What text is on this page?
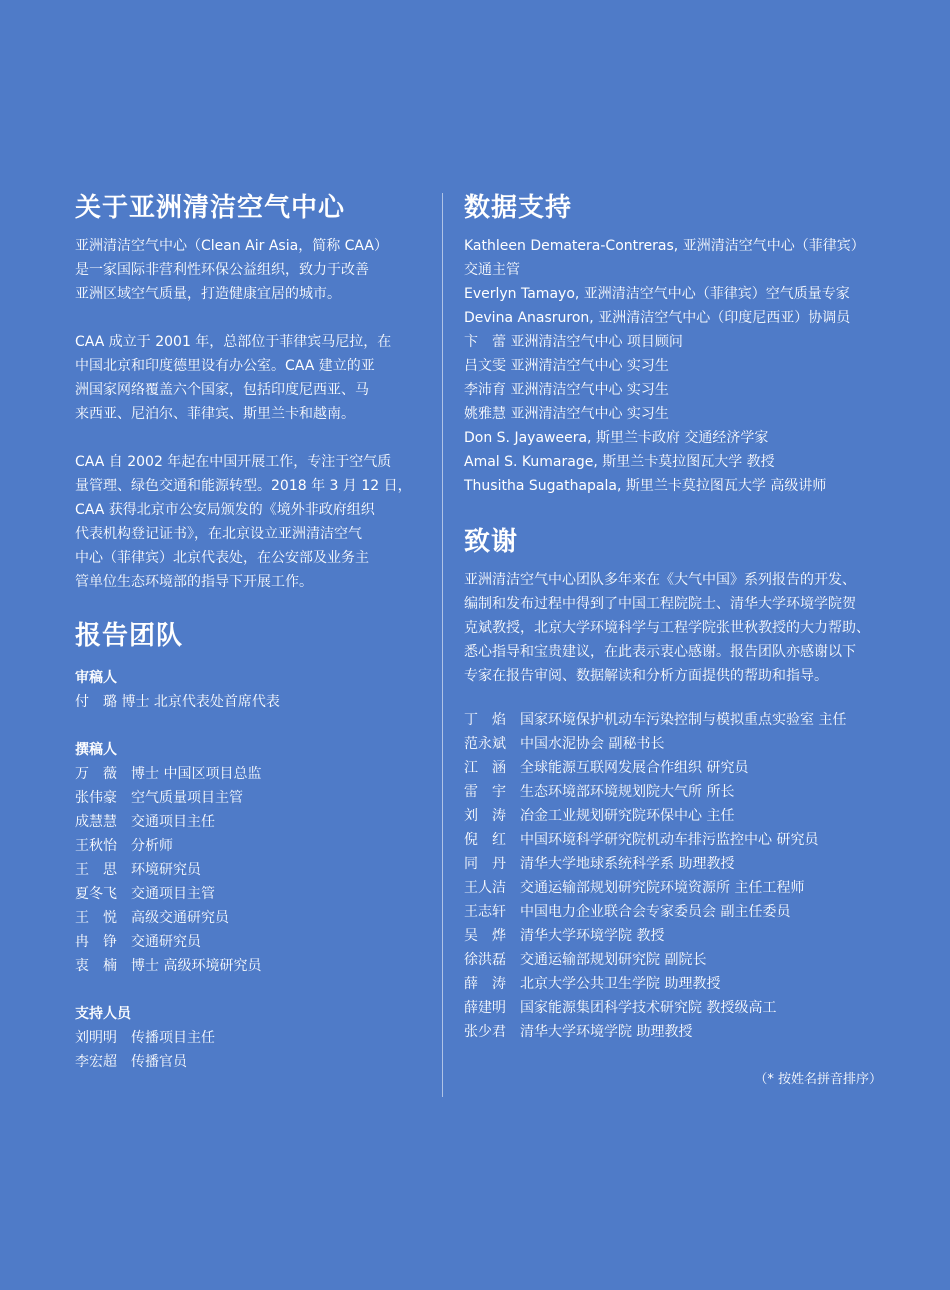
关于亚洲清洁空气中心

亚洲清洁空气中心（Clean Air Asia，简称 CAA）
是一家国际非营利性环保公益组织，致力于改善
亚洲区域空气质量，打造健康宜居的城市。

CAA 成立于 2001 年，总部位于菲律宾马尼拉，在
中国北京和印度德里设有办公室。CAA 建立的亚
洲国家网络覆盖六个国家，包括印度尼西亚、马
来西亚、尼泊尔、菲律宾、斯里兰卡和越南。

CAA 自 2002 年起在中国开展工作，专注于空气质
量管理、绿色交通和能源转型。2018 年 3 月 12 日，
CAA 获得北京市公安局颁发的《境外非政府组织
代表机构登记证书》，在北京设立亚洲清洁空气
中心（菲律宾）北京代表处，在公安部及业务主
管单位生态环境部的指导下开展工作。

报告团队
审稿人
付　璐 博士 北京代表处首席代表
撰稿人
万　薇　博士 中国区项目总监
张伟豪　空气质量项目主管
成慧慧　交通项目主任
王秋怡　分析师
王　思　环境研究员
夏冬飞　交通项目主管
王　悦　高级交通研究员
冉　铮　交通研究员
衷　楠　博士 高级环境研究员
支持人员
刘明明　传播项目主任
李宏超　传播官员
数据支持
Kathleen Dematera-Contreras, 亚洲清洁空气中心（菲律宾）
交通主管
Everlyn Tamayo, 亚洲清洁空气中心（菲律宾）空气质量专家
Devina Anasruron, 亚洲清洁空气中心（印度尼西亚）协调员
卞　蕾 亚洲清洁空气中心 项目顾问
吕文雯 亚洲清洁空气中心 实习生
李沛育 亚洲清洁空气中心 实习生
姚雅慧 亚洲清洁空气中心 实习生
Don S. Jayaweera, 斯里兰卡政府 交通经济学家
Amal S. Kumarage, 斯里兰卡莫拉图瓦大学 教授
Thusitha Sugathapala, 斯里兰卡莫拉图瓦大学 高级讲师
致谢

亚洲清洁空气中心团队多年来在《大气中国》系列报告的开发、
编制和发布过程中得到了中国工程院院士、清华大学环境学院贺
克斌教授，北京大学环境科学与工程学院张世秋教授的大力帮助、
悉心指导和宝贵建议，在此表示衷心感谢。报告团队亦感谢以下
专家在报告审阅、数据解读和分析方面提供的帮助和指导。

丁　焰　国家环境保护机动车污染控制与模拟重点实验室 主任
范永斌　中国水泥协会 副秘书长
江　涵　全球能源互联网发展合作组织 研究员
雷　宇　生态环境部环境规划院大气所 所长
刘　涛　冶金工业规划研究院环保中心 主任
倪　红　中国环境科学研究院机动车排污监控中心 研究员
同　丹　清华大学地球系统科学系 助理教授
王人洁　交通运输部规划研究院环境资源所 主任工程师
王志轩　中国电力企业联合会专家委员会 副主任委员
吴　烨　清华大学环境学院 教授
徐洪磊　交通运输部规划研究院 副院长
薛　涛　北京大学公共卫生学院 助理教授
薛建明　国家能源集团科学技术研究院 教授级高工
张少君　清华大学环境学院 助理教授
（* 按姓名拼音排序）
